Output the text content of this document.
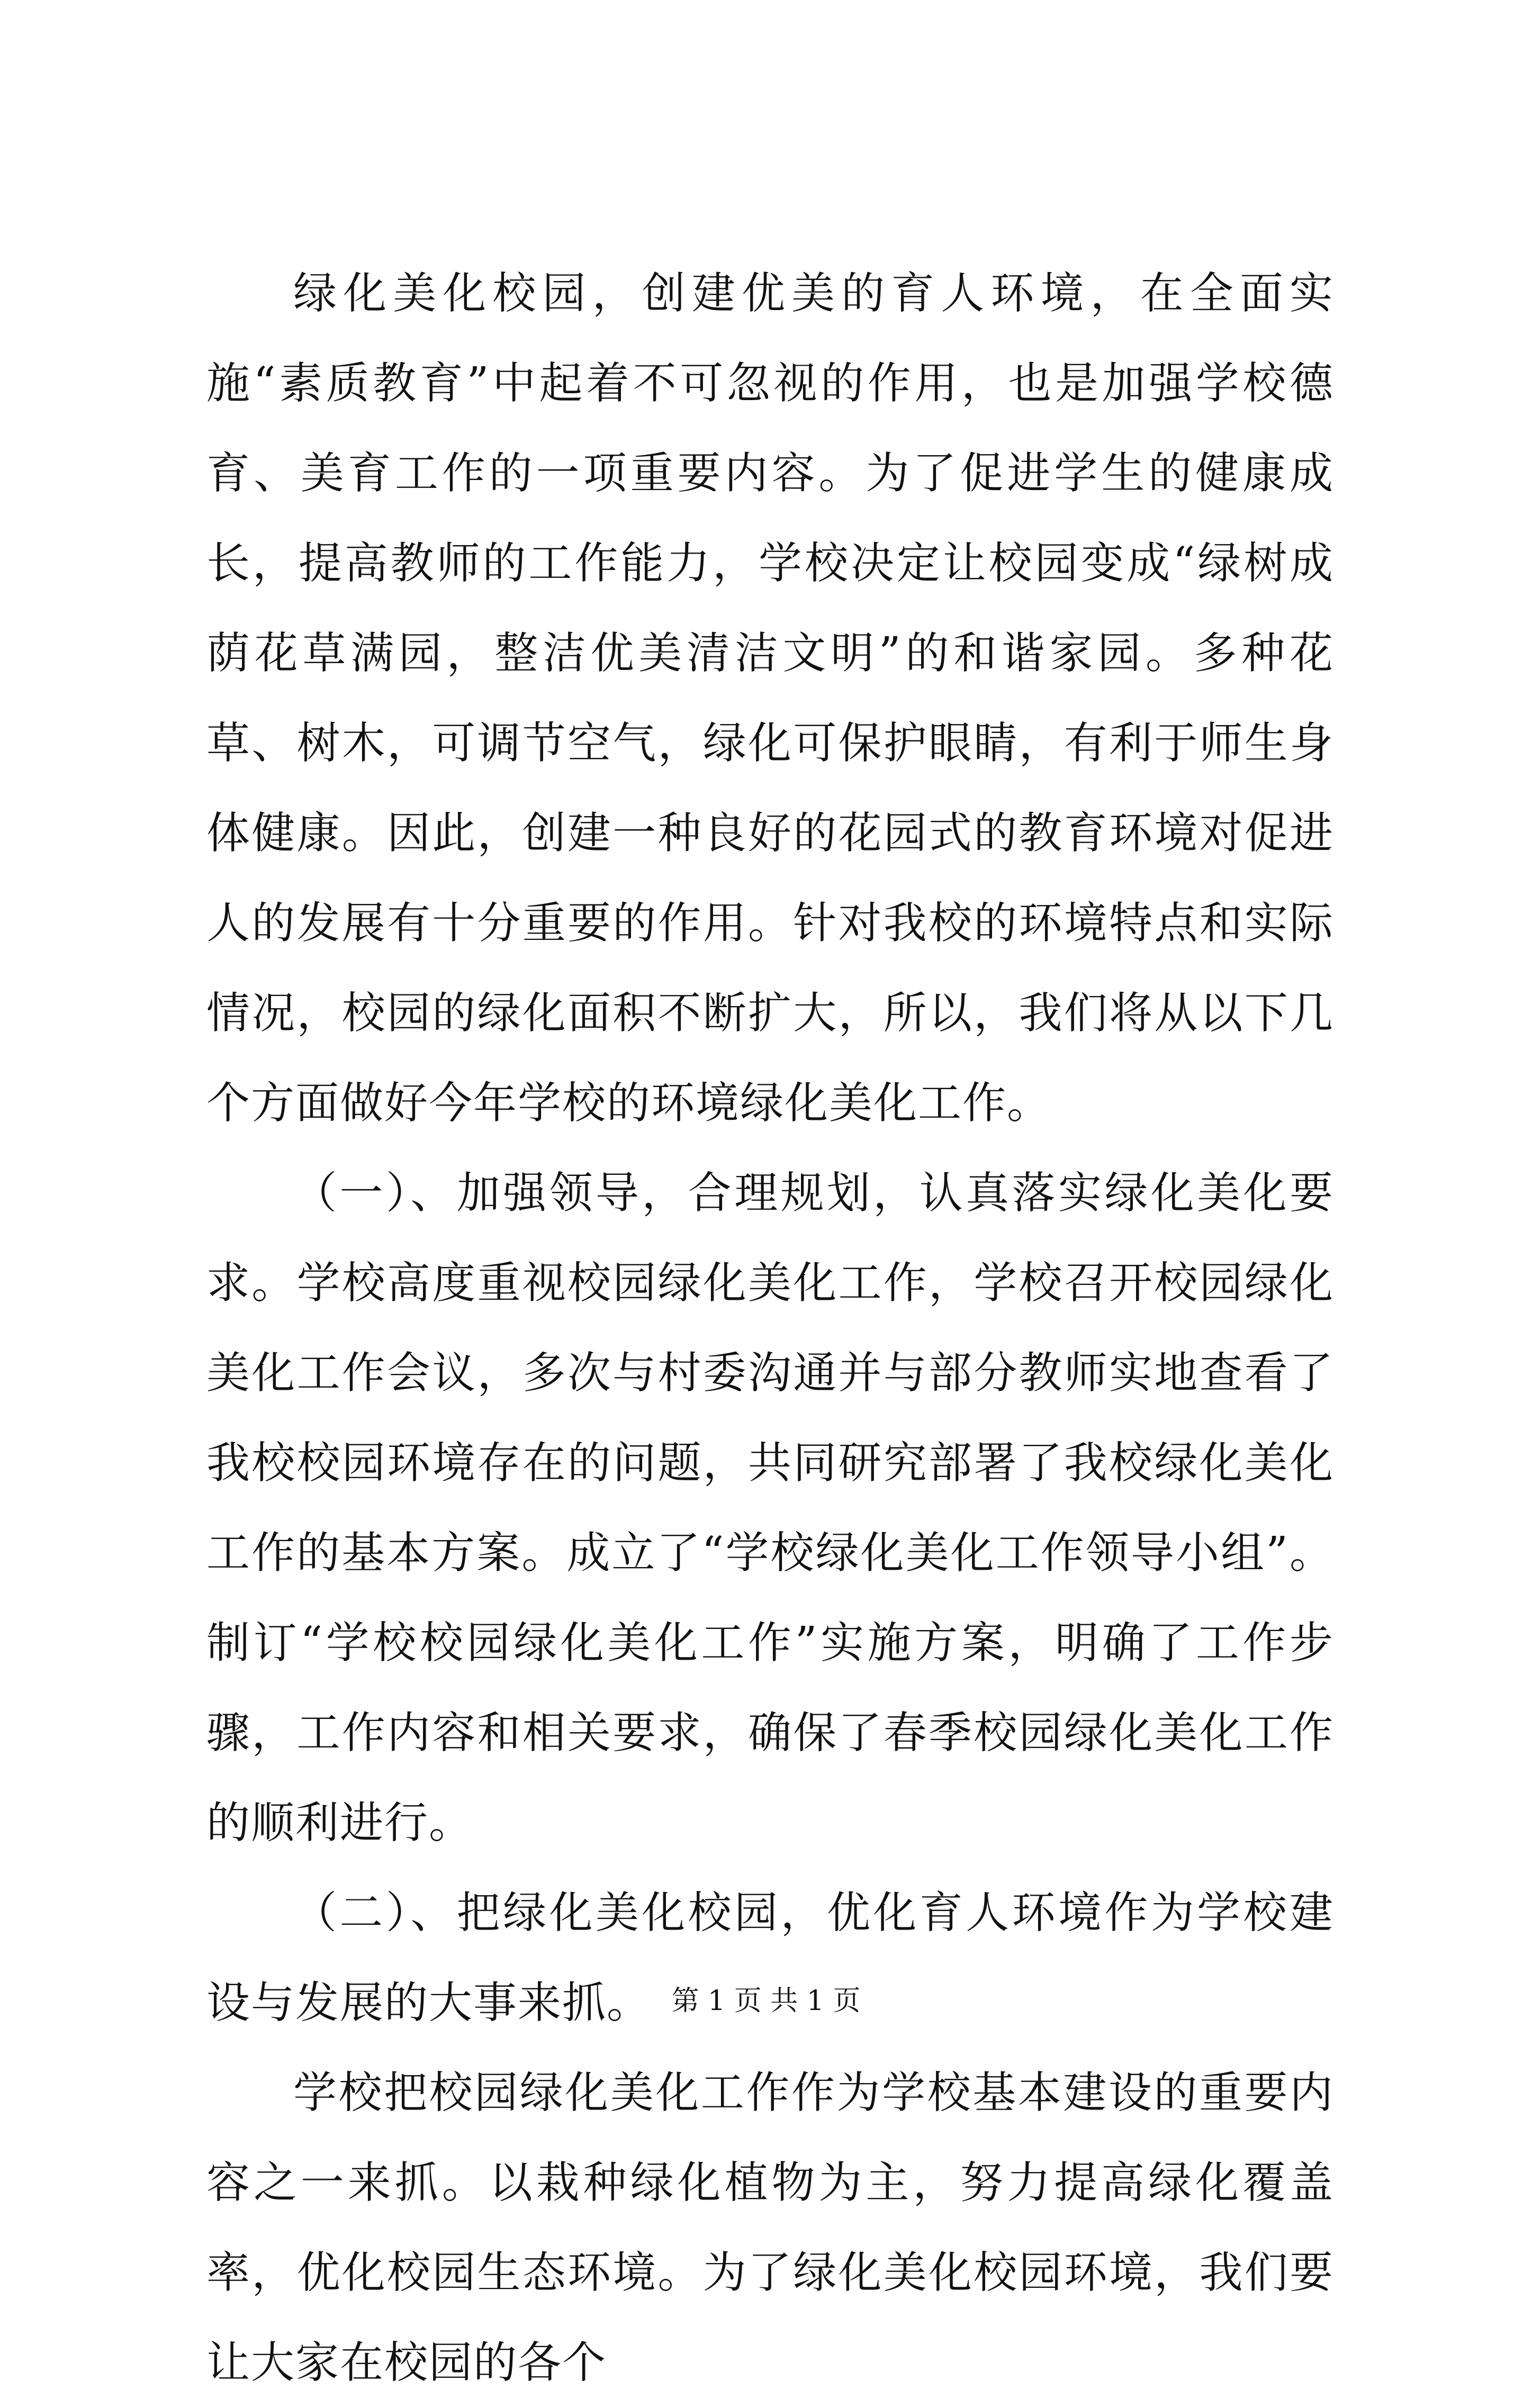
绿化美化校园，创建优美的育人环境，在全面实施“素质教育”中起着不可忽视的作用，也是加强学校德育、美育工作的一项重要内容。为了促进学生的健康成长，提高教师的工作能力，学校决定让校园变成“绿树成荫花草满园，整洁优美清洁文明”的和谐家园。多种花草、树木，可调节空气，绿化可保护眼睛，有利于师生身体健康。因此，创建一种良好的花园式的教育环境对促进人的发展有十分重要的作用。针对我校的环境特点和实际情况，校园的绿化面积不断扩大，所以，我们将从以下几个方面做好今年学校的环境绿化美化工作。

（一）、加强领导，合理规划，认真落实绿化美化要求。学校高度重视校园绿化美化工作，学校召开校园绿化美化工作会议，多次与村委沟通并与部分教师实地查看了我校校园环境存在的问题，共同研究部署了我校绿化美化工作的基本方案。成立了“学校绿化美化工作领导小组”。制订“学校校园绿化美化工作”实施方案，明确了工作步骤，工作内容和相关要求，确保了春季校园绿化美化工作的顺利进行。

（二）、把绿化美化校园，优化育人环境作为学校建设与发展的大事来抓。

学校把校园绿化美化工作作为学校基本建设的重要内容之一来抓。以栽种绿化植物为主，努力提高绿化覆盖率，优化校园生态环境。为了绿化美化校园环境，我们要让大家在校园的各个

第 1 页 共 1 页
